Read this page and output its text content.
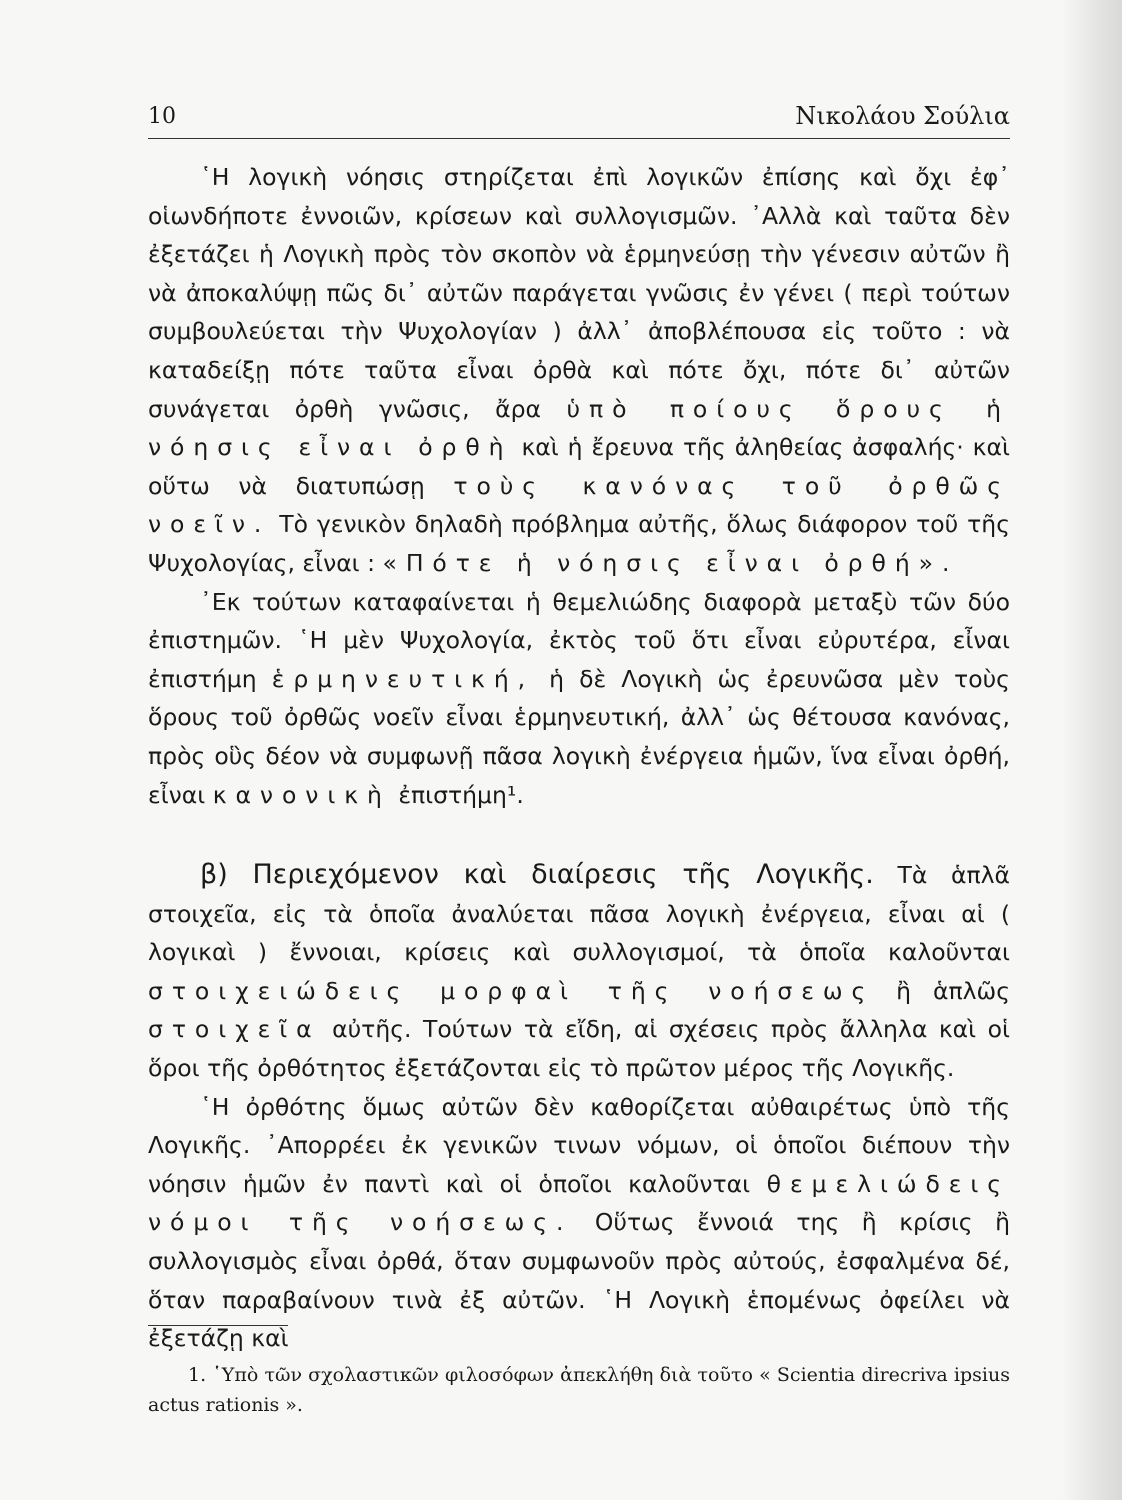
10	Νικολάου Σούλια

῾Η λογικὴ νόησις στηρίζεται ἐπὶ λογικῶν ἐπίσης καὶ ὄχι ἐφ᾿ οἱωνδήποτε ἐννοιῶν, κρίσεων καὶ συλλογισμῶν. ᾿Αλλὰ καὶ ταῦτα δὲν ἐξετάζει ἡ Λογικὴ πρὸς τὸν σκοπὸν νὰ ἑρμηνεύσῃ τὴν γένεσιν αὐτῶν ἢ νὰ ἀποκαλύψῃ πῶς δι᾿ αὐτῶν παράγεται γνῶσις ἐν γένει ( περὶ τούτων συμβουλεύεται τὴν Ψυχολογίαν ) ἀλλ᾿ ἀποβλέπουσα εἰς τοῦτο : νὰ καταδείξῃ πότε ταῦτα εἶναι ὀρθὰ καὶ πότε ὄχι, πότε δι᾿ αὐτῶν συνάγεται ὀρθὴ γνῶσις, ἄρα ὑπὸ ποίους ὅρους ἡ νόησις εἶναι ὀρθὴ καὶ ἡ ἔρευνα τῆς ἀληθείας ἀσφαλής· καὶ οὕτω νὰ διατυπώσῃ τοὺς κανόνας τοῦ ὀρθῶς νοεῖν. Τὸ γενικὸν δηλαδὴ πρόβλημα αὐτῆς, ὅλως διάφορον τοῦ τῆς Ψυχολογίας, εἶναι : «Πότε ἡ νόησις εἶναι ὀρθή».

᾿Εκ τούτων καταφαίνεται ἡ θεμελιώδης διαφορὰ μεταξὺ τῶν δύο ἐπιστημῶν. ῾Η μὲν Ψυχολογία, ἐκτὸς τοῦ ὅτι εἶναι εὐρυτέρα, εἶναι ἐπιστήμη ἑρμηνευτική, ἡ δὲ Λογικὴ ὡς ἐρευνῶσα μὲν τοὺς ὅρους τοῦ ὀρθῶς νοεῖν εἶναι ἑρμηνευτική, ἀλλ᾿ ὡς θέτουσα κανόνας, πρὸς οὓς δέον νὰ συμφωνῇ πᾶσα λογικὴ ἐνέργεια ἡμῶν, ἵνα εἶναι ὀρθή, εἶναι κανονικὴ ἐπιστήμη¹.

β) Περιεχόμενον καὶ διαίρεσις τῆς Λογικῆς. Τὰ ἁπλᾶ στοιχεῖα, εἰς τὰ ὁποῖα ἀναλύεται πᾶσα λογικὴ ἐνέργεια, εἶναι αἱ ( λογικαὶ ) ἔννοιαι, κρίσεις καὶ συλλογισμοί, τὰ ὁποῖα καλοῦνται στοιχειώδεις μορφαὶ τῆς νοήσεως ἢ ἁπλῶς στοιχεῖα αὐτῆς. Τούτων τὰ εἴδη, αἱ σχέσεις πρὸς ἄλληλα καὶ οἱ ὅροι τῆς ὀρθότητος ἐξετάζονται εἰς τὸ πρῶτον μέρος τῆς Λογικῆς.

῾Η ὀρθότης ὅμως αὐτῶν δὲν καθορίζεται αὐθαιρέτως ὑπὸ τῆς Λογικῆς. ᾿Απορρέει ἐκ γενικῶν τινων νόμων, οἱ ὁποῖοι διέπουν τὴν νόησιν ἡμῶν ἐν παντὶ καὶ οἱ ὁποῖοι καλοῦνται θεμελιώδεις νόμοι τῆς νοήσεως. Οὕτως ἔννοιά της ἢ κρίσις ἢ συλλογισμὸς εἶναι ὀρθά, ὅταν συμφωνοῦν πρὸς αὐτούς, ἐσφαλμένα δέ, ὅταν παραβαίνουν τινὰ ἐξ αὐτῶν. ῾Η Λογικὴ ἑπομένως ὀφείλει νὰ ἐξετάζῃ καὶ

1. ῾Υπὸ τῶν σχολαστικῶν φιλοσόφων ἀπεκλήθη διὰ τοῦτο « Scientia direcriva ipsius actus rationis ».
